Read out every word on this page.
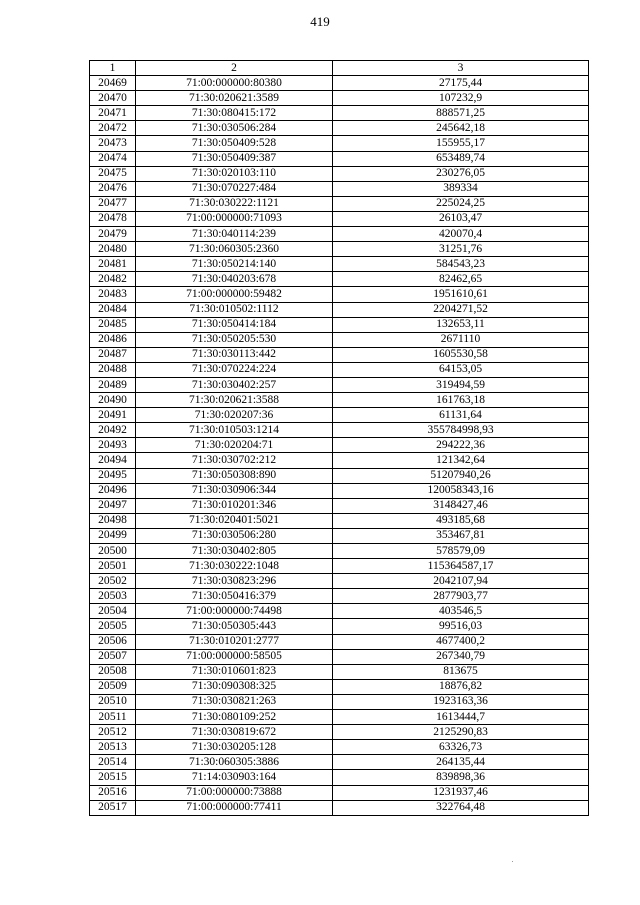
419
1	2	3
20469	71:00:000000:80380	27175,44
20470	71:30:020621:3589	107232,9
20471	71:30:080415:172	888571,25
20472	71:30:030506:284	245642,18
20473	71:30:050409:528	155955,17
20474	71:30:050409:387	653489,74
20475	71:30:020103:110	230276,05
20476	71:30:070227:484	389334
20477	71:30:030222:1121	225024,25
20478	71:00:000000:71093	26103,47
20479	71:30:040114:239	420070,4
20480	71:30:060305:2360	31251,76
20481	71:30:050214:140	584543,23
20482	71:30:040203:678	82462,65
20483	71:00:000000:59482	1951610,61
20484	71:30:010502:1112	2204271,52
20485	71:30:050414:184	132653,11
20486	71:30:050205:530	2671110
20487	71:30:030113:442	1605530,58
20488	71:30:070224:224	64153,05
20489	71:30:030402:257	319494,59
20490	71:30:020621:3588	161763,18
20491	71:30:020207:36	61131,64
20492	71:30:010503:1214	355784998,93
20493	71:30:020204:71	294222,36
20494	71:30:030702:212	121342,64
20495	71:30:050308:890	51207940,26
20496	71:30:030906:344	120058343,16
20497	71:30:010201:346	3148427,46
20498	71:30:020401:5021	493185,68
20499	71:30:030506:280	353467,81
20500	71:30:030402:805	578579,09
20501	71:30:030222:1048	115364587,17
20502	71:30:030823:296	2042107,94
20503	71:30:050416:379	2877903,77
20504	71:00:000000:74498	403546,5
20505	71:30:050305:443	99516,03
20506	71:30:010201:2777	4677400,2
20507	71:00:000000:58505	267340,79
20508	71:30:010601:823	813675
20509	71:30:090308:325	18876,82
20510	71:30:030821:263	1923163,36
20511	71:30:080109:252	1613444,7
20512	71:30:030819:672	2125290,83
20513	71:30:030205:128	63326,73
20514	71:30:060305:3886	264135,44
20515	71:14:030903:164	839898,36
20516	71:00:000000:73888	1231937,46
20517	71:00:000000:77411	322764,48
